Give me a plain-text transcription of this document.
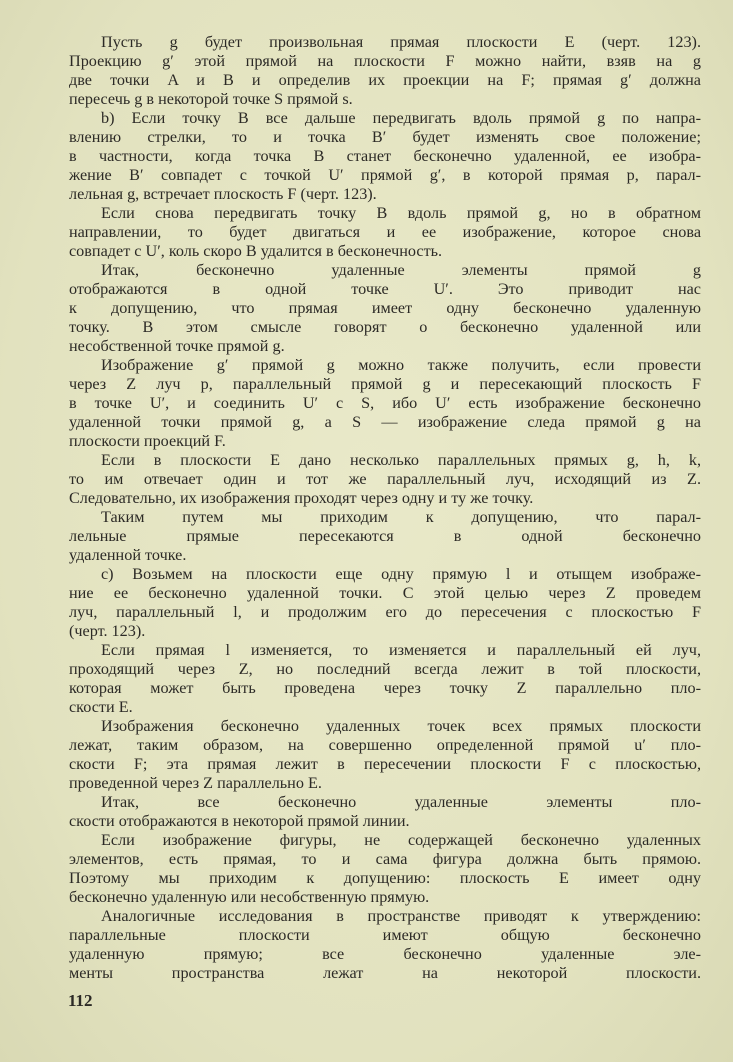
Пусть g будет произвольная прямая плоскости E (черт. 123).
Проекцию g′ этой прямой на плоскости F можно найти, взяв на g
две точки A и B и определив их проекции на F; прямая g′ должна
пересечь g в некоторой точке S прямой s.
b) Если точку B все дальше передвигать вдоль прямой g по напра-
влению стрелки, то и точка B′ будет изменять свое положение;
в частности, когда точка B станет бесконечно удаленной, ее изобра-
жение B′ совпадет с точкой U′ прямой g′, в которой прямая p, парал-
лельная g, встречает плоскость F (черт. 123).
Если снова передвигать точку B вдоль прямой g, но в обратном
направлении, то будет двигаться и ее изображение, которое снова
совпадет с U′, коль скоро B удалится в бесконечность.
Итак, бесконечно удаленные элементы прямой g
отображаются в одной точке U′. Это приводит нас
к допущению, что прямая имеет одну бесконечно удаленную
точку. В этом смысле говорят о бесконечно удаленной или
несобственной точке прямой g.
Изображение g′ прямой g можно также получить, если провести
через Z луч p, параллельный прямой g и пересекающий плоскость F
в точке U′, и соединить U′ с S, ибо U′ есть изображение бесконечно
удаленной точки прямой g, а S — изображение следа прямой g на
плоскости проекций F.
Если в плоскости E дано несколько параллельных прямых g, h, k,
то им отвечает один и тот же параллельный луч, исходящий из Z.
Следовательно, их изображения проходят через одну и ту же точку.
Таким путем мы приходим к допущению, что парал-
лельные прямые пересекаются в одной бесконечно
удаленной точке.
c) Возьмем на плоскости еще одну прямую l и отыщем изображе-
ние ее бесконечно удаленной точки. С этой целью через Z проведем
луч, параллельный l, и продолжим его до пересечения с плоскостью F
(черт. 123).
Если прямая l изменяется, то изменяется и параллельный ей луч,
проходящий через Z, но последний всегда лежит в той плоскости,
которая может быть проведена через точку Z параллельно пло-
скости E.
Изображения бесконечно удаленных точек всех прямых плоскости
лежат, таким образом, на совершенно определенной прямой u′ пло-
скости F; эта прямая лежит в пересечении плоскости F с плоскостью,
проведенной через Z параллельно E.
Итак, все бесконечно удаленные элементы пло-
скости отображаются в некоторой прямой линии.
Если изображение фигуры, не содержащей бесконечно удаленных
элементов, есть прямая, то и сама фигура должна быть прямою.
Поэтому мы приходим к допущению: плоскость E имеет одну
бесконечно удаленную или несобственную прямую.
Аналогичные исследования в пространстве приводят к утверждению:
параллельные плоскости имеют общую бесконечно
удаленную прямую; все бесконечно удаленные эле-
менты пространства лежат на некоторой плоскости.
112
